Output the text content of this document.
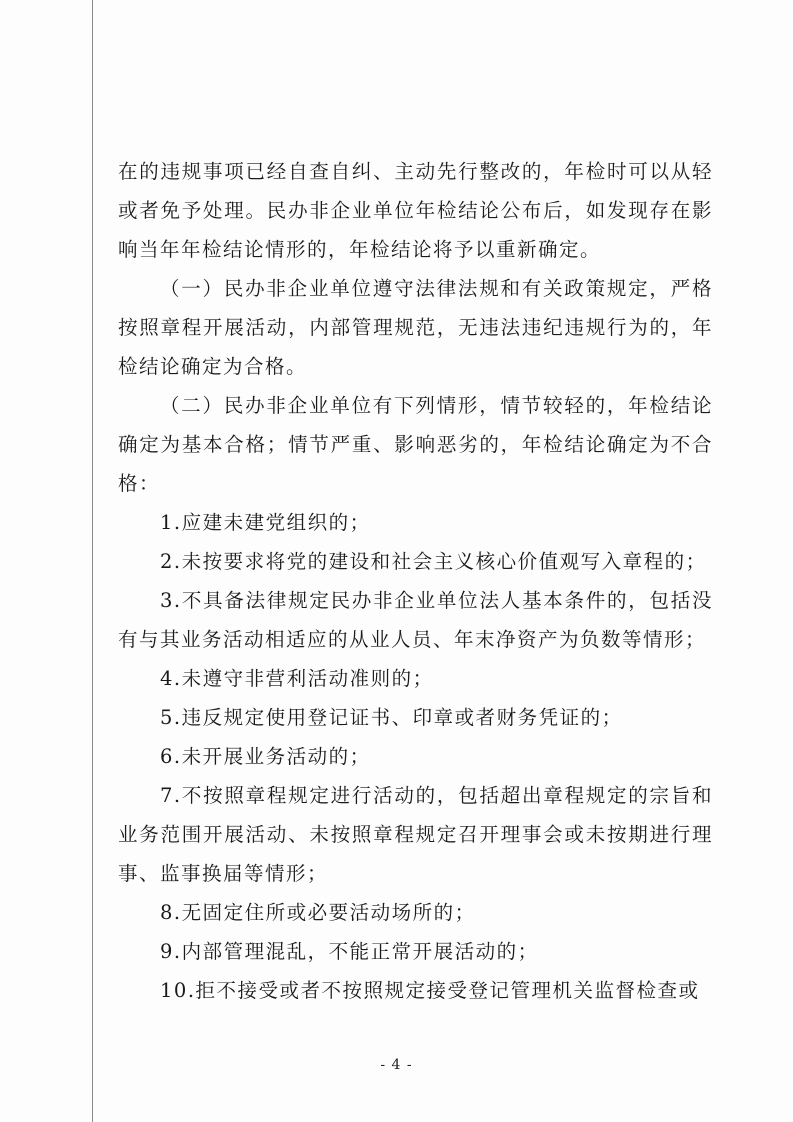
在的违规事项已经自查自纠、主动先行整改的，年检时可以从轻或者免予处理。民办非企业单位年检结论公布后，如发现存在影响当年年检结论情形的，年检结论将予以重新确定。

（一）民办非企业单位遵守法律法规和有关政策规定，严格按照章程开展活动，内部管理规范，无违法违纪违规行为的，年检结论确定为合格。

（二）民办非企业单位有下列情形，情节较轻的，年检结论确定为基本合格；情节严重、影响恶劣的，年检结论确定为不合格：

1.应建未建党组织的；

2.未按要求将党的建设和社会主义核心价值观写入章程的；

3.不具备法律规定民办非企业单位法人基本条件的，包括没有与其业务活动相适应的从业人员、年末净资产为负数等情形；

4.未遵守非营利活动准则的；

5.违反规定使用登记证书、印章或者财务凭证的；

6.未开展业务活动的；

7.不按照章程规定进行活动的，包括超出章程规定的宗旨和业务范围开展活动、未按照章程规定召开理事会或未按期进行理事、监事换届等情形；

8.无固定住所或必要活动场所的；

9.内部管理混乱，不能正常开展活动的；

10.拒不接受或者不按照规定接受登记管理机关监督检查或

- 4 -
